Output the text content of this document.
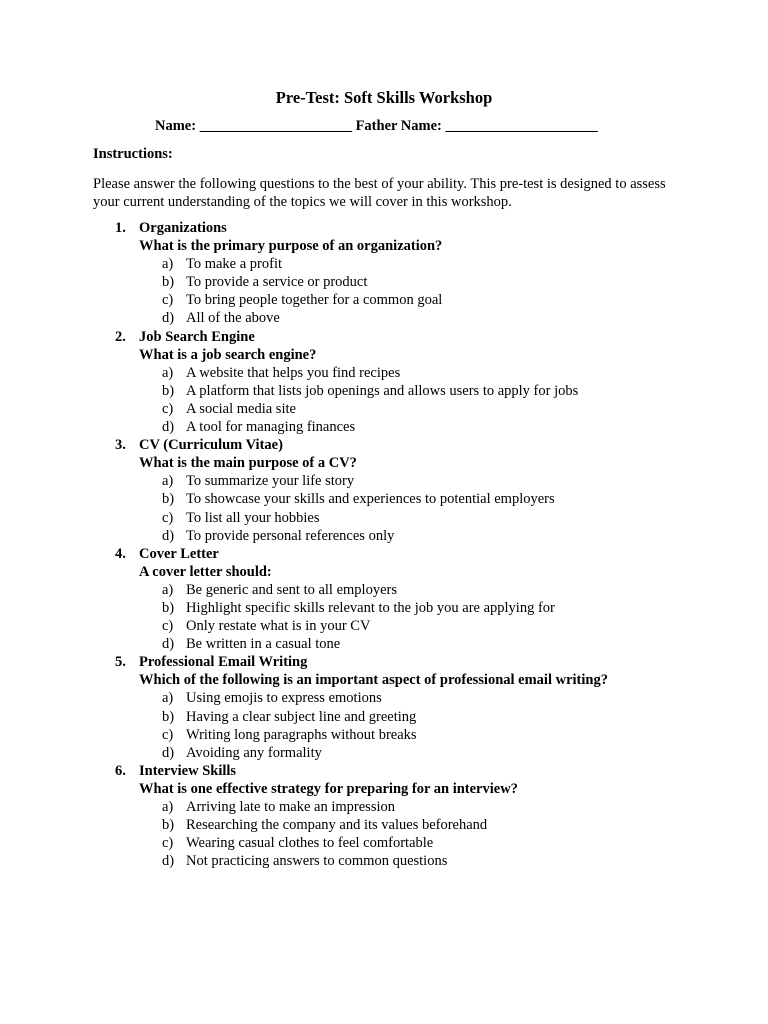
Pre-Test: Soft Skills Workshop
Name: _____________________ Father Name: _____________________
Instructions:
Please answer the following questions to the best of your ability. This pre-test is designed to assess your current understanding of the topics we will cover in this workshop.
1. Organizations
What is the primary purpose of an organization?
a) To make a profit
b) To provide a service or product
c) To bring people together for a common goal
d) All of the above
2. Job Search Engine
What is a job search engine?
a) A website that helps you find recipes
b) A platform that lists job openings and allows users to apply for jobs
c) A social media site
d) A tool for managing finances
3. CV (Curriculum Vitae)
What is the main purpose of a CV?
a) To summarize your life story
b) To showcase your skills and experiences to potential employers
c) To list all your hobbies
d) To provide personal references only
4. Cover Letter
A cover letter should:
a) Be generic and sent to all employers
b) Highlight specific skills relevant to the job you are applying for
c) Only restate what is in your CV
d) Be written in a casual tone
5. Professional Email Writing
Which of the following is an important aspect of professional email writing?
a) Using emojis to express emotions
b) Having a clear subject line and greeting
c) Writing long paragraphs without breaks
d) Avoiding any formality
6. Interview Skills
What is one effective strategy for preparing for an interview?
a) Arriving late to make an impression
b) Researching the company and its values beforehand
c) Wearing casual clothes to feel comfortable
d) Not practicing answers to common questions
